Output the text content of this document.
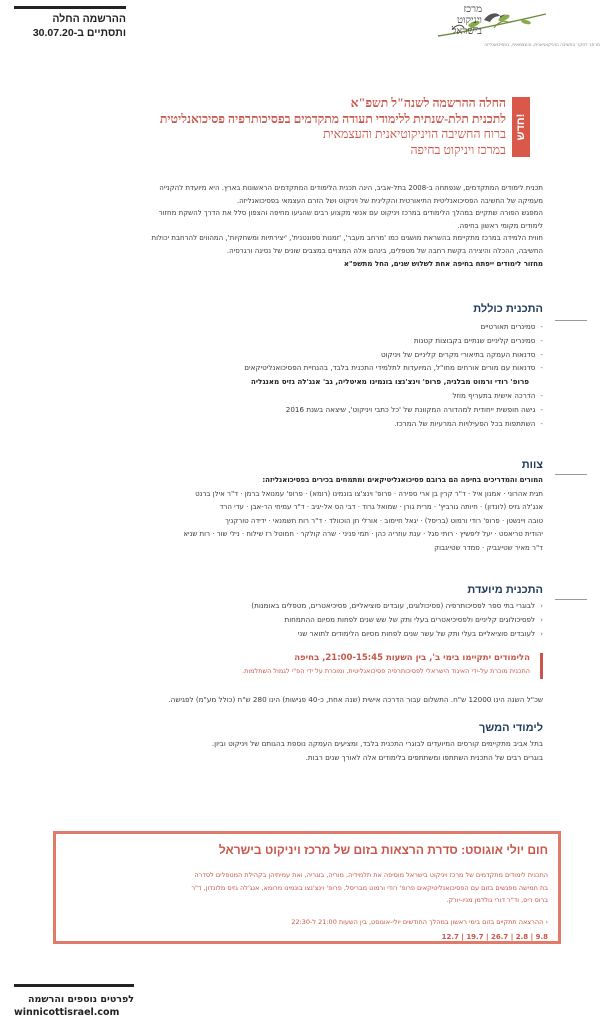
ההרשמה החלה
ותסתיים ב-30.07.20
מרכז
ויניקוט
בישראל
מרחב לחקר החשיבה הויניקוטיאנית, והעצמאית, בפסיכואנליזה
חדש!
החלה ההרשמה לשנה"ל תשפ"א
לתכנית תלת-שנתית ללימודי תעודה מתקדמים בפסיכותרפיה פסיכואנליטית
ברוח החשיבה הויניקוטיאנית והעצמאית
במרכז ויניקוט בחיפה
תכנית לימודים המתקדמים, שנפתחה ב-2008 בתל-אביב, הינה תכנית הלימודים המתקדמים הראשונות בארץ. היא מיועדת להקנייה
מעמיקה של החשיבה הפסיכואנליטית התיאורטית והקלינית של ויניקוט ושל הזרם העצמאי בפסיכואנליזה.
המפגש הפורה שתקיים במהלך הלימודים במרכז ויניקוט עם אנשי מקצוע רבים שהגיעו מחיפה והצפון סלל את הדרך להשקת מחזור
לימודים מקומי ראשון בחיפה.
חווית הלמידה במרכז מתקיימת בהשראת מושגים כמו 'מרחב מעבר', 'זמנות ספונטנית', 'יצירתיות ומשחקיות', המהווים להרחבת יכולות
החשיבה, ההכלה והיצירה בקשת רחבה של מטפלים, בינהם אלה המצויים במצבים שונים של נסיגה ורגרסיה.
מחזור לימודים ייפתח בחיפה אחת לשלוש שנים, החל מתשפ"א
התכנית כוללת
-סמינרים תאורטיים
-סמינרים קליניים שנתיים בקבוצות קטנות
-סדנאות העמקה בתיאורי מקרים קליניים של ויניקוט
-סדנאות עם מורים אורחים מחו"ל, המיועדות לתלמידי התכנית בלבד, בהנחיית הפסיכואנליטיקאים
פרופ' רודי ורמוט מבלגיה, פרופ' וינצ'נצו בונמינו מאיטליה, גב' אנג'לה גזיס מאנגליה
-הדרכה אישית בתעריף מוזל
-גישה חופשית ייחודית למהדורה המקוונת של 'כל כתבי ויניקוט', שיצאה בשנת 2016
-השתתפות בכל הפעילויות המרעיות של המרכז.
צוות
המורים והמדריכים בחיפה הם ברובם פסיכואנליטיקאים ומתמחים בכירים בפסיכואנליזה:
תגית אהרוני · אמנון איל · ד"ר קרין בן ארי ספירה · פרופ' וינצ'צו בונמינו (רומא) · פרופ' עמנואל ברמן · ד"ר אילן ברנט
אנג'לה גזיס (לונדון) · חיותה גורביץ' · מרית גורן · שמואל גרוד · דבי הס אל-יגיב · ד"ר עמיחי הר-אבן · עדי הרד
טובה ויינשטן · פרופ' רודי ורמוט (בריסל) · יגאל חיימוב · אורלי חן הוכוולד · ד"ר רות חשמנאי · ידידה טורקניך
יהודית טריאסט · יעל ליפשיץ · רותי סגל · ענת עוזריה כהן · תמי פניני · שרה קולקר · חמוטל רז שילוח · נילי שור · רות שניא
ד"ר מאיר שטייגביק · סמדר שטייגבוק
התכנית מיועדת
‹לבוגרי בתי ספר לפסיכותרפיה (פסיכולוגים, עובדים סוציאליים, פסיכיאטרים, מטפלים באומנות)
‹לפסיכולוגים קליניים ולפסיכיאטרים בעלי ותק של שש שנים לפחות מסיום ההתמחות
‹לעובדים סוציאליים בעלי ותק של עשר שנים לפחות מסיום הלימודים לתואר שני
הלימודים יתקיימו בימי ב', בין השעות 21:00-15:45, בחיפה
התכנית מוכרת על-ידי האיגוד הישראלי לפסיכותרפיה פסיכואנליטית, ומוכרת על ידי הפ"י לגמול השתלמות.
שכ"ל השנה הינו 12000 ש"ח. התשלום עבור הדרכה אישית (שנה אחת, כ-40 פגישות) הינו 280 ש"ח (כולל מע"מ) לפגישה.
לימודי המשך
בתל אביב מתקיימים קורסים המיועדים לבוגרי התכנית בלבד, ומציעים העמקה נוספת בהגותם של ויניקוט וביון.
בוגרים רבים של התכנית השתתפו ומשתתפים בלימודים אלה לאורך שנים רבות.
חום יולי אוגוסט: סדרת הרצאות בזום של מרכז ויניקוט בישראל
התכנית לימודים מתקדמים של מרכז ויניקוט בישראל מוסיפה את תלמידיה, מוריה, בוגריה, ואת עמיתיהן בקהילת המטפלים לסדרה
בת חמישה מפגשים בזום עם הפסיכואנליטיקאים פרופ' רודי ורמוט מבריסל, פרופ' וינצ'נצו בונמינו מרומא, אנג'לה גזיס מלונדון, ד"ר
ברוס ריס, וד"ר דורי גולדמן מניו-יורק.
‹ ההרצאה תתקיים בזום בימי ראשון במהלך החודשים יולי-אוגוסט, בין השעות 21:00 ל-22:30
9.8 | 2.8 | 26.7 | 19.7 | 12.7
לפרטים נוספים והרשמה
winnicottisrael.com
